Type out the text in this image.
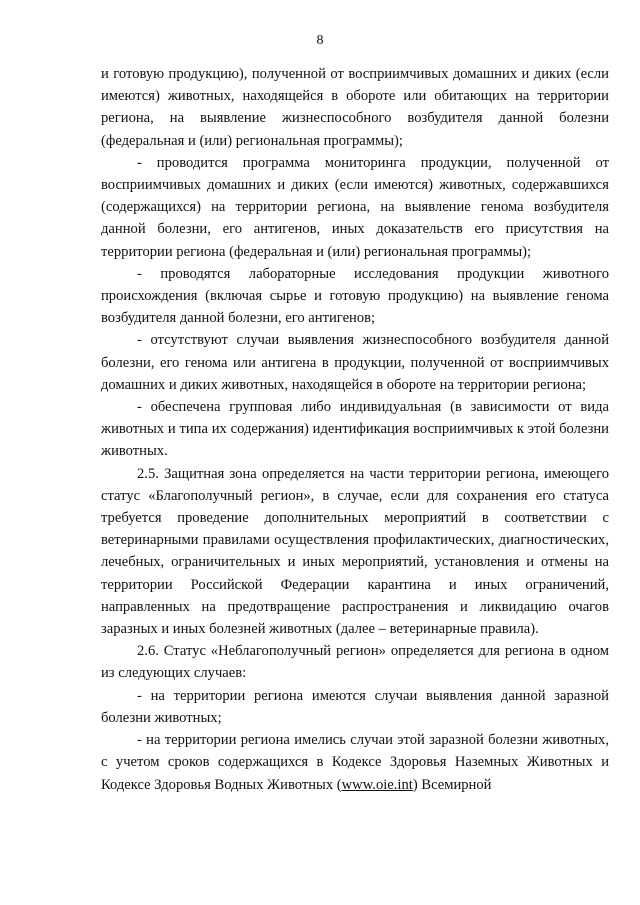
8

и готовую продукцию), полученной от восприимчивых домашних и диких (если имеются) животных, находящейся в обороте или обитающих на территории региона, на выявление жизнеспособного возбудителя данной болезни (федеральная и (или) региональная программы);

- проводится программа мониторинга продукции, полученной от восприимчивых домашних и диких (если имеются) животных, содержавшихся (содержащихся) на территории региона, на выявление генома возбудителя данной болезни, его антигенов, иных доказательств его присутствия на территории региона (федеральная и (или) региональная программы);

- проводятся лабораторные исследования продукции животного происхождения (включая сырье и готовую продукцию) на выявление генома возбудителя данной болезни, его антигенов;

- отсутствуют случаи выявления жизнеспособного возбудителя данной болезни, его генома или антигена в продукции, полученной от восприимчивых домашних и диких животных, находящейся в обороте на территории региона;

- обеспечена групповая либо индивидуальная (в зависимости от вида животных и типа их содержания) идентификация восприимчивых к этой болезни животных.

2.5. Защитная зона определяется на части территории региона, имеющего статус «Благополучный регион», в случае, если для сохранения его статуса требуется проведение дополнительных мероприятий в соответствии с ветеринарными правилами осуществления профилактических, диагностических, лечебных, ограничительных и иных мероприятий, установления и отмены на территории Российской Федерации карантина и иных ограничений, направленных на предотвращение распространения и ликвидацию очагов заразных и иных болезней животных (далее – ветеринарные правила).

2.6. Статус «Неблагополучный регион» определяется для региона в одном из следующих случаев:

- на территории региона имеются случаи выявления данной заразной болезни животных;

- на территории региона имелись случаи этой заразной болезни животных, с учетом сроков содержащихся в Кодексе Здоровья Наземных Животных и Кодексе Здоровья Водных Животных (www.oie.int) Всемирной
